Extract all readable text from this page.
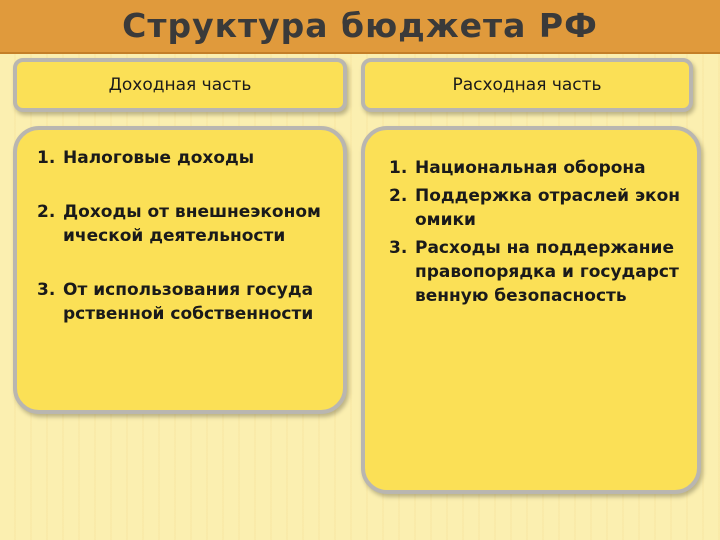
Структура бюджета РФ
Доходная часть	Расходная часть
1. Налоговые доходы
2. Доходы от внешнеэкономической деятельности
3. От использования государственной собственности
1. Национальная оборона
2. Поддержка отраслей экономики
3. Расходы на поддержание правопорядка и государственную безопасность
